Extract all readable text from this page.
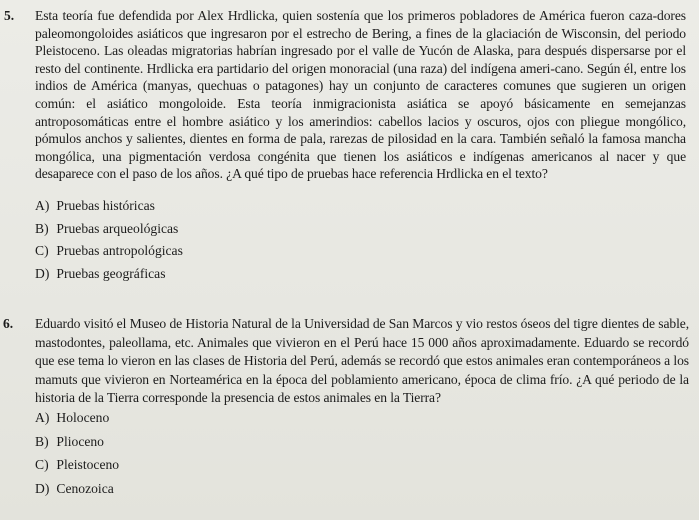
5. Esta teoría fue defendida por Alex Hrdlicka, quien sostenía que los primeros pobladores de América fueron caza-dores paleomongoloides asiáticos que ingresaron por el estrecho de Bering, a fines de la glaciación de Wisconsin, del periodo Pleistoceno. Las oleadas migratorias habrían ingresado por el valle de Yucón de Alaska, para después dispersarse por el resto del continente. Hrdlicka era partidario del origen monoracial (una raza) del indígena ameri-cano. Según él, entre los indios de América (manyas, quechuas o patagones) hay un conjunto de caracteres comunes que sugieren un origen común: el asiático mongoloide. Esta teoría inmigracionista asiática se apoyó básicamente en semejanzas antroposomáticas entre el hombre asiático y los amerindios: cabellos lacios y oscuros, ojos con pliegue mongólico, pómulos anchos y salientes, dientes en forma de pala, rarezas de pilosidad en la cara. También señaló la famosa mancha mongólica, una pigmentación verdosa congénita que tienen los asiáticos e indígenas americanos al nacer y que desaparece con el paso de los años. ¿A qué tipo de pruebas hace referencia Hrdlicka en el texto?
A) Pruebas históricas
B) Pruebas arqueológicas
C) Pruebas antropológicas
D) Pruebas geográficas
6. Eduardo visitó el Museo de Historia Natural de la Universidad de San Marcos y vio restos óseos del tigre dientes de sable, mastodontes, paleollama, etc. Animales que vivieron en el Perú hace 15 000 años aproximadamente. Eduardo se recordó que ese tema lo vieron en las clases de Historia del Perú, además se recordó que estos animales eran contemporáneos a los mamuts que vivieron en Norteamérica en la época del poblamiento americano, época de clima frío. ¿A qué periodo de la historia de la Tierra corresponde la presencia de estos animales en la Tierra?
A) Holoceno
B) Plioceno
C) Pleistoceno
D) Cenozoica
